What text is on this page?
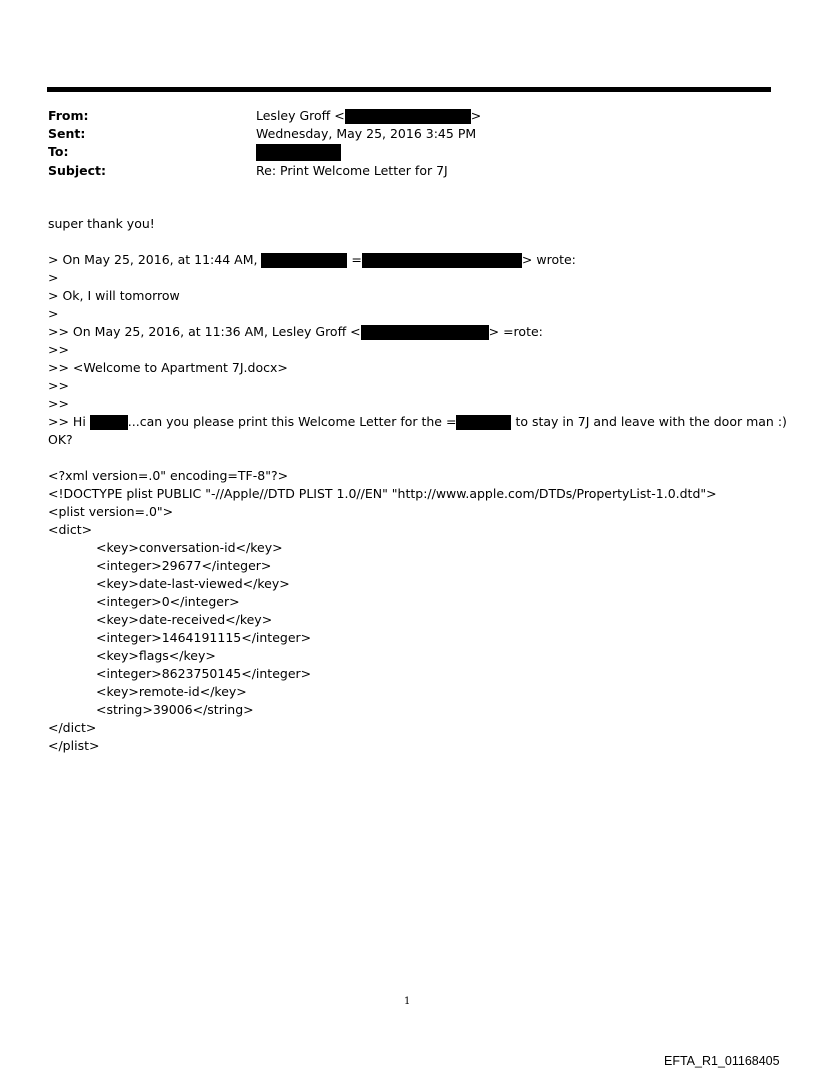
From:	Lesley Groff <	>
Sent:	Wednesday, May 25, 2016 3:45 PM
To:
Subject:	Re: Print Welcome Letter for 7J
super thank you!
> On May 25, 2016, at 11:44 AM,	=	> wrote:
>
> Ok, I will tomorrow
>
>> On May 25, 2016, at 11:36 AM, Lesley Groff <	> =rote:
>>
>> <Welcome to Apartment 7J.docx>
>>
>>
>> Hi	...can you please print this Welcome Letter for the =	to stay in 7J and leave with the door man :)
OK?
<?xml version=.0" encoding=TF-8"?>
<!DOCTYPE plist PUBLIC "-//Apple//DTD PLIST 1.0//EN" "http://www.apple.com/DTDs/PropertyList-1.0.dtd">
<plist version=.0">
<dict>
<key>conversation-id</key>
<integer>29677</integer>
<key>date-last-viewed</key>
<integer>0</integer>
<key>date-received</key>
<integer>1464191115</integer>
<key>flags</key>
<integer>8623750145</integer>
<key>remote-id</key>
<string>39006</string>
</dict>
</plist>
1
EFTA_R1_01168405
